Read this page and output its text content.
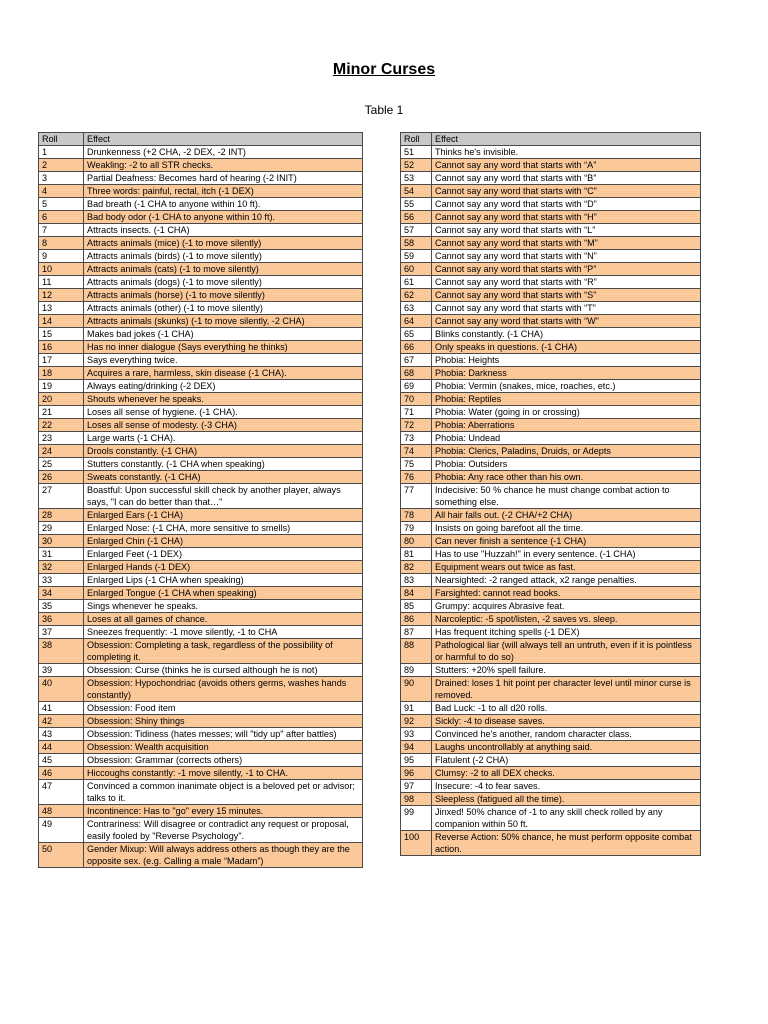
Minor Curses
Table 1
Roll	Effect
1	Drunkenness (+2 CHA, -2 DEX, -2 INT)
2	Weakling: -2 to all STR checks.
3	Partial Deafness: Becomes hard of hearing (-2 INIT)
4	Three words: painful, rectal, itch (-1 DEX)
5	Bad breath (-1 CHA to anyone within 10 ft).
6	Bad body odor (-1 CHA to anyone within 10 ft).
7	Attracts insects. (-1 CHA)
8	Attracts animals (mice) (-1 to move silently)
9	Attracts animals (birds) (-1 to move silently)
10	Attracts animals (cats) (-1 to move silently)
11	Attracts animals (dogs) (-1 to move silently)
12	Attracts animals (horse) (-1 to move silently)
13	Attracts animals (other) (-1 to move silently)
14	Attracts animals (skunks) (-1 to move silently, -2 CHA)
15	Makes bad jokes (-1 CHA)
16	Has no inner dialogue (Says everything he thinks)
17	Says everything twice.
18	Acquires a rare, harmless, skin disease (-1 CHA).
19	Always eating/drinking (-2 DEX)
20	Shouts whenever he speaks.
21	Loses all sense of hygiene. (-1 CHA).
22	Loses all sense of modesty. (-3 CHA)
23	Large warts (-1 CHA).
24	Drools constantly. (-1 CHA)
25	Stutters constantly. (-1 CHA when speaking)
26	Sweats constantly. (-1 CHA)
27	Boastful: Upon successful skill check by another player, always says, "I can do better than that…"
28	Enlarged Ears (-1 CHA)
29	Enlarged Nose: (-1 CHA, more sensitive to smells)
30	Enlarged Chin (-1 CHA)
31	Enlarged Feet (-1 DEX)
32	Enlarged Hands (-1 DEX)
33	Enlarged Lips (-1 CHA when speaking)
34	Enlarged Tongue (-1 CHA when speaking)
35	Sings whenever he speaks.
36	Loses at all games of chance.
37	Sneezes frequently: -1 move silently, -1 to CHA
38	Obsession: Completing a task, regardless of the possibility of completing it.
39	Obsession: Curse (thinks he is cursed although he is not)
40	Obsession: Hypochondriac (avoids others germs, washes hands constantly)
41	Obsession: Food item
42	Obsession: Shiny things
43	Obsession: Tidiness (hates messes; will "tidy up" after battles)
44	Obsession: Wealth acquisition
45	Obsession: Grammar (corrects others)
46	Hiccoughs constantly: -1 move silently, -1 to CHA.
47	Convinced a common inanimate object is a beloved pet or advisor; talks to it.
48	Incontinence: Has to "go" every 15 minutes.
49	Contrariness: Will disagree or contradict any request or proposal, easily fooled by "Reverse Psychology".
50	Gender Mixup: Will always address others as though they are the opposite sex. (e.g. Calling a male “Madam”)
Roll	Effect
51	Thinks he's invisible.
52	Cannot say any word that starts with “A”
53	Cannot say any word that starts with “B”
54	Cannot say any word that starts with “C”
55	Cannot say any word that starts with “D”
56	Cannot say any word that starts with “H”
57	Cannot say any word that starts with “L”
58	Cannot say any word that starts with “M”
59	Cannot say any word that starts with “N”
60	Cannot say any word that starts with “P”
61	Cannot say any word that starts with “R”
62	Cannot say any word that starts with “S”
63	Cannot say any word that starts with “T”
64	Cannot say any word that starts with “W”
65	Blinks constantly. (-1 CHA)
66	Only speaks in questions. (-1 CHA)
67	Phobia: Heights
68	Phobia: Darkness
69	Phobia: Vermin (snakes, mice, roaches, etc.)
70	Phobia: Reptiles
71	Phobia: Water (going in or crossing)
72	Phobia: Aberrations
73	Phobia: Undead
74	Phobia: Clerics, Paladins, Druids, or Adepts
75	Phobia: Outsiders
76	Phobia: Any race other than his own.
77	Indecisive: 50 % chance he must change combat action to something else.
78	All hair falls out. (-2 CHA/+2 CHA)
79	Insists on going barefoot all the time.
80	Can never finish a sentence (-1 CHA)
81	Has to use "Huzzah!" in every sentence. (-1 CHA)
82	Equipment wears out twice as fast.
83	Nearsighted: -2 ranged attack, x2 range penalties.
84	Farsighted: cannot read books.
85	Grumpy: acquires Abrasive feat.
86	Narcoleptic: -5 spot/listen, -2 saves vs. sleep.
87	Has frequent itching spells (-1 DEX)
88	Pathological liar (will always tell an untruth, even if it is pointless or harmful to do so)
89	Stutters: +20% spell failure.
90	Drained: loses 1 hit point per character level until minor curse is removed.
91	Bad Luck: -1 to all d20 rolls.
92	Sickly: -4 to disease saves.
93	Convinced he's another, random character class.
94	Laughs uncontrollably at anything said.
95	Flatulent (-2 CHA)
96	Clumsy: -2 to all DEX checks.
97	Insecure: -4 to fear saves.
98	Sleepless (fatigued all the time).
99	Jinxed! 50% chance of -1 to any skill check rolled by any companion within 50 ft.
100	Reverse Action: 50% chance, he must perform opposite combat action.
